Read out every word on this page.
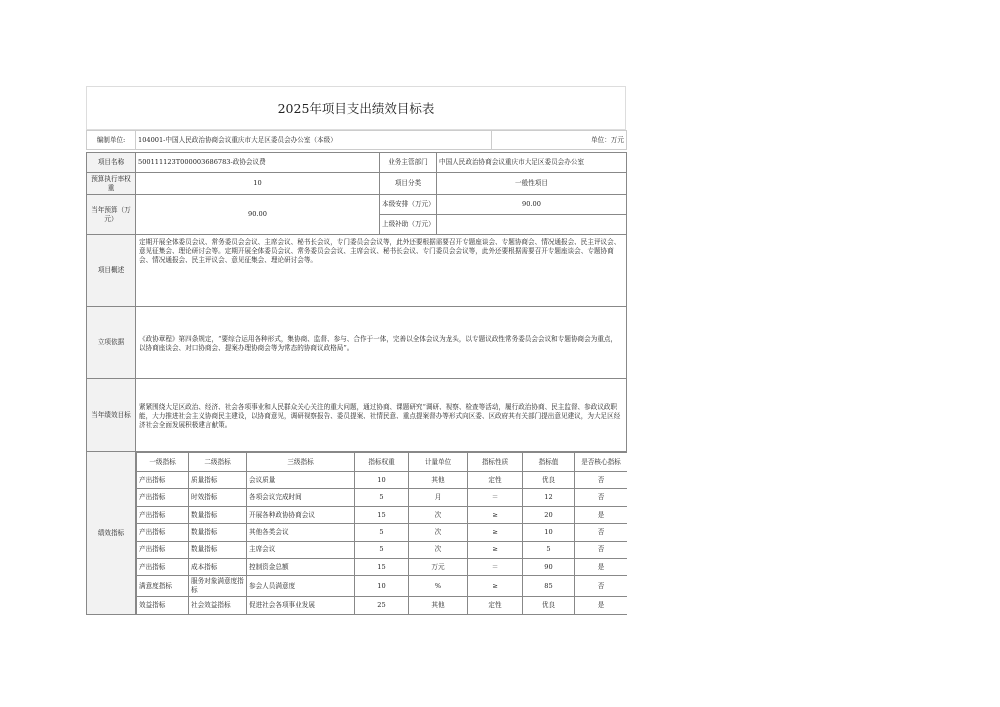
2025年项目支出绩效目标表
编制单位:	104001-中国人民政治协商会议重庆市大足区委员会办公室（本级）	单位：万元
项目名称	500111123T000003686783-政协会议费	业务主管部门	中国人民政治协商会议重庆市大足区委员会办公室
预算执行率权重	10	项目分类	一般性项目
当年预算（万元）	90.00	本级安排（万元）	90.00
上级补助（万元）	
项目概述	定期开展全体委员会议、常务委员会会议、主席会议、秘书长会议，专门委员会会议等，此外还要根据需要召开专题座谈会、专题协商会、情况通报会、民主评议会、意见征集会、理论研讨会等。定期开展全体委员会议、常务委员会会议、主席会议、秘书长会议、专门委员会会议等，此外还要根据需要召开专题座谈会、专题协商会、情况通报会、民主评议会、意见征集会、理论研讨会等。
立项依据	《政协章程》第四条规定，“要综合运用各种形式，集协商、监督、参与、合作于一体，完善以全体会议为龙头，以专题议政性常务委员会会议和专题协商会为重点，以协商座谈会、对口协商会、提案办理协商会等为常态的协商议政格局”。
当年绩效目标	紧紧围绕大足区政治、经济、社会各项事业和人民群众关心关注的重大问题，通过协商、课题研究“调研、视察、检查等活动，履行政治协商、民主监督、参政议政职能，大力推进社会主义协商民主建设，以协商意见，调研视察报告、委员提案、社情民意、重点提案督办等形式向区委、区政府其有关部门提出意见建议，为大足区经济社会全面发展积极建言献策。
绩效指标	
一级指标	二级指标	三级指标	指标权重	计量单位	指标性质	指标值	是否核心指标
产出指标	质量指标	会议质量	10	其他	定性	优良	否
产出指标	时效指标	各项会议完成时间	5	月	＝	12	否
产出指标	数量指标	开展各种政协协商会议	15	次	≥	20	是
产出指标	数量指标	其他各类会议	5	次	≥	10	否
产出指标	数量指标	主席会议	5	次	≥	5	否
产出指标	成本指标	控制资金总额	15	万元	＝	90	是
满意度指标	服务对象满意度指标	参会人员满意度	10	%	≥	85	否
效益指标	社会效益指标	促进社会各项事业发展	25	其他	定性	优良	是
